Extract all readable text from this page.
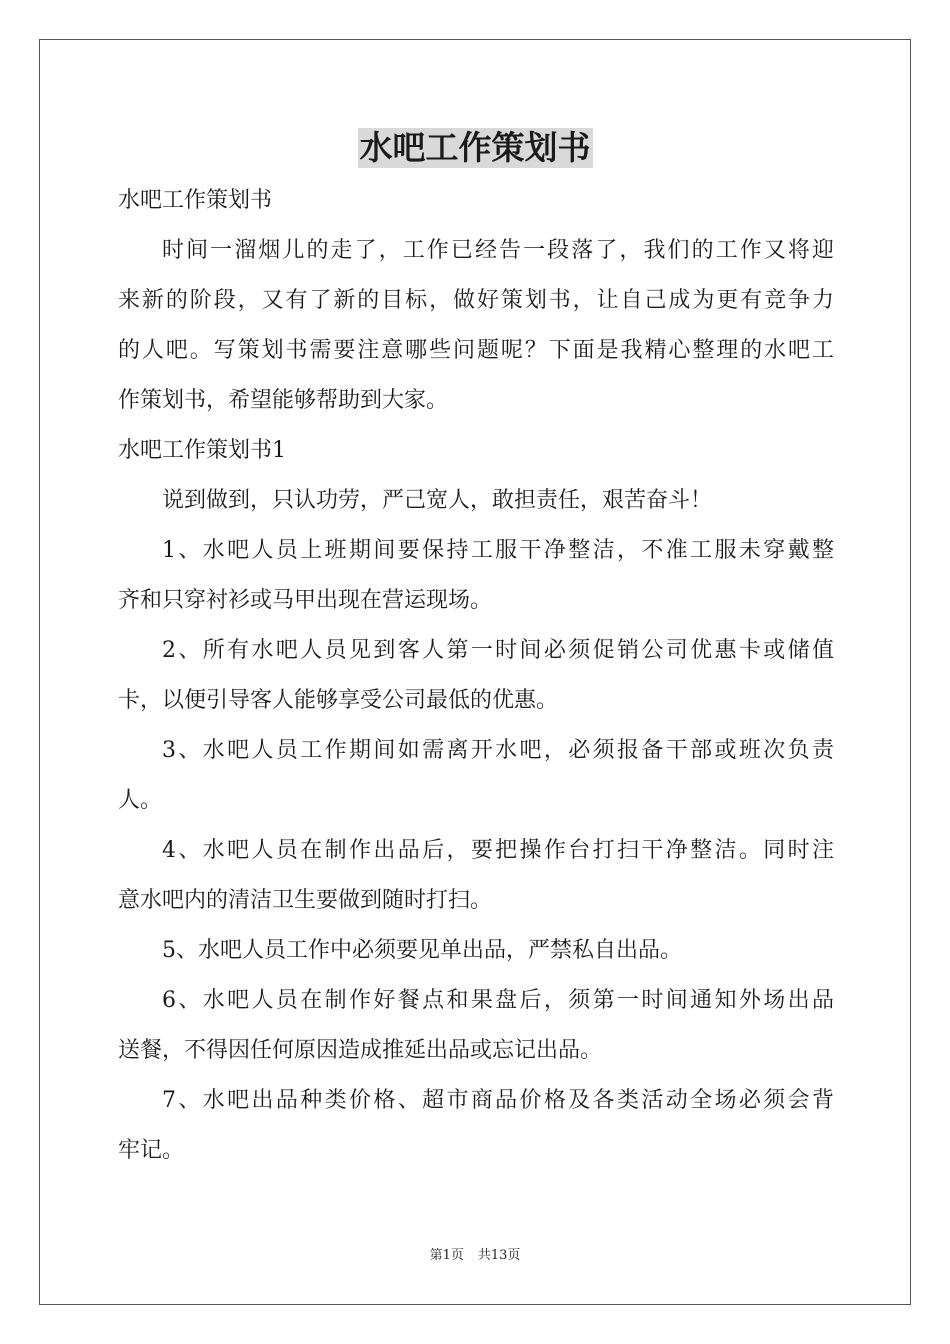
水吧工作策划书

水吧工作策划书

时间一溜烟儿的走了，工作已经告一段落了，我们的工作又将迎

来新的阶段，又有了新的目标，做好策划书，让自己成为更有竞争力

的人吧。写策划书需要注意哪些问题呢？下面是我精心整理的水吧工

作策划书，希望能够帮助到大家。

水吧工作策划书1

说到做到，只认功劳，严己宽人，敢担责任，艰苦奋斗！

1、水吧人员上班期间要保持工服干净整洁，不准工服未穿戴整

齐和只穿衬衫或马甲出现在营运现场。

2、所有水吧人员见到客人第一时间必须促销公司优惠卡或储值

卡，以便引导客人能够享受公司最低的优惠。

3、水吧人员工作期间如需离开水吧，必须报备干部或班次负责

人。

4、水吧人员在制作出品后，要把操作台打扫干净整洁。同时注

意水吧内的清洁卫生要做到随时打扫。

5、水吧人员工作中必须要见单出品，严禁私自出品。

6、水吧人员在制作好餐点和果盘后，须第一时间通知外场出品

送餐，不得因任何原因造成推延出品或忘记出品。

7、水吧出品种类价格、超市商品价格及各类活动全场必须会背

牢记。

第1页 共13页
